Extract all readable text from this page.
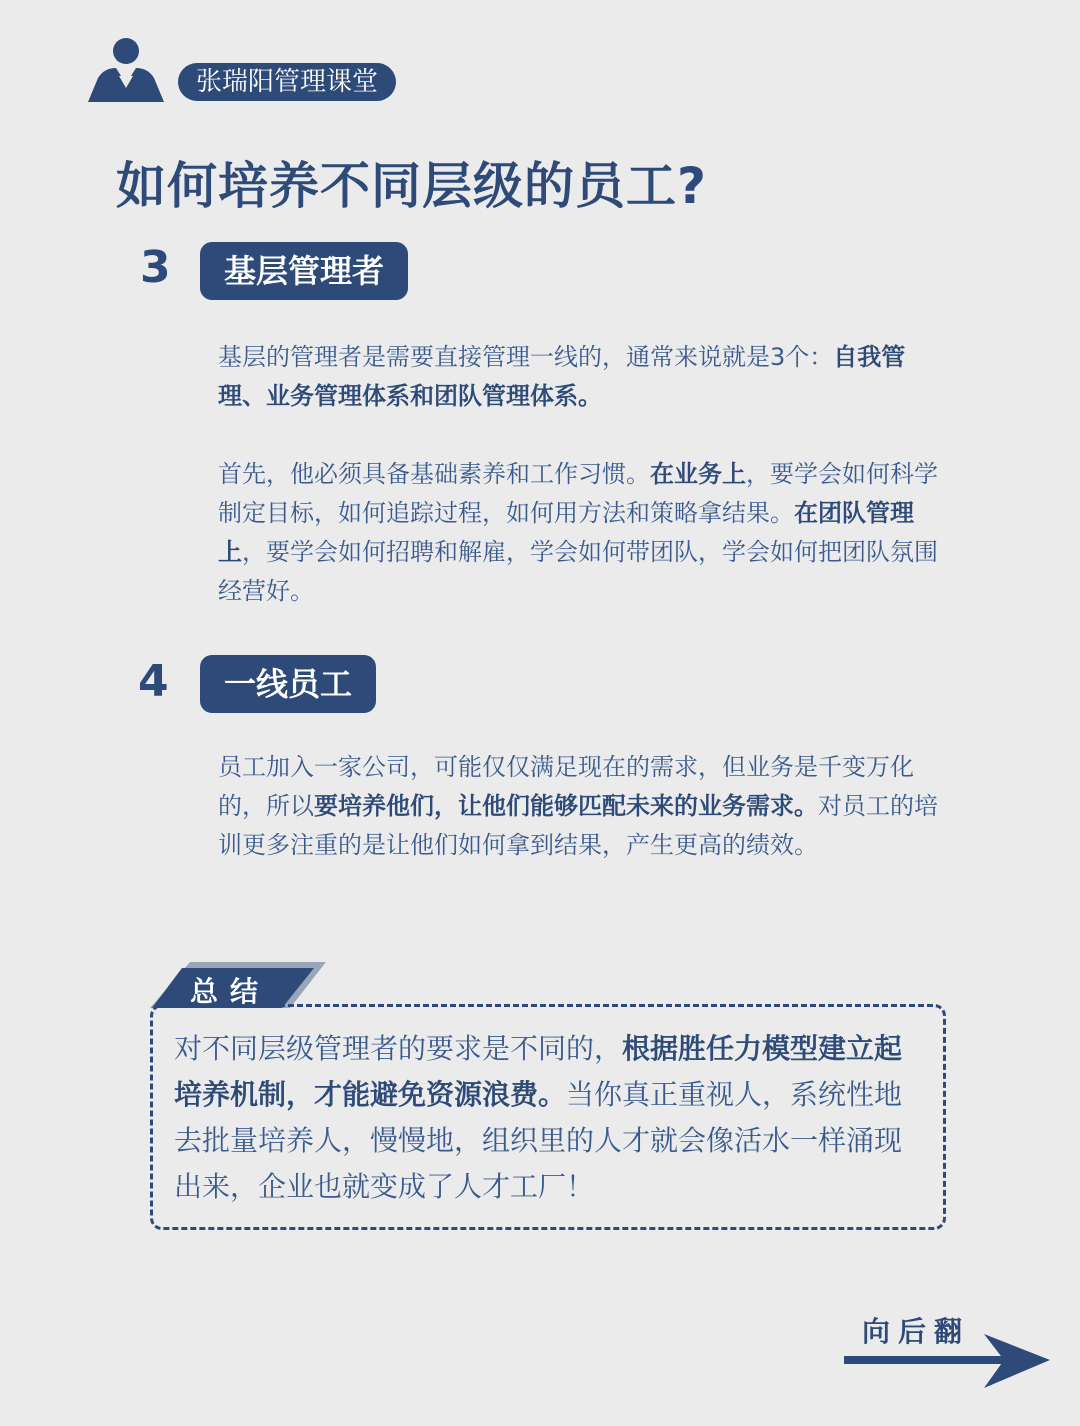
张瑞阳管理课堂
如何培养不同层级的员工?
3	基层管理者
基层的管理者是需要直接管理一线的，通常来说就是3个：自我管理、业务管理体系和团队管理体系。
首先，他必须具备基础素养和工作习惯。在业务上，要学会如何科学制定目标，如何追踪过程，如何用方法和策略拿结果。在团队管理上，要学会如何招聘和解雇，学会如何带团队，学会如何把团队氛围经营好。
4	一线员工
员工加入一家公司，可能仅仅满足现在的需求，但业务是千变万化的，所以要培养他们，让他们能够匹配未来的业务需求。对员工的培训更多注重的是让他们如何拿到结果，产生更高的绩效。
总结
对不同层级管理者的要求是不同的，根据胜任力模型建立起培养机制，才能避免资源浪费。当你真正重视人，系统性地去批量培养人，慢慢地，组织里的人才就会像活水一样涌现出来，企业也就变成了人才工厂！
向后翻
